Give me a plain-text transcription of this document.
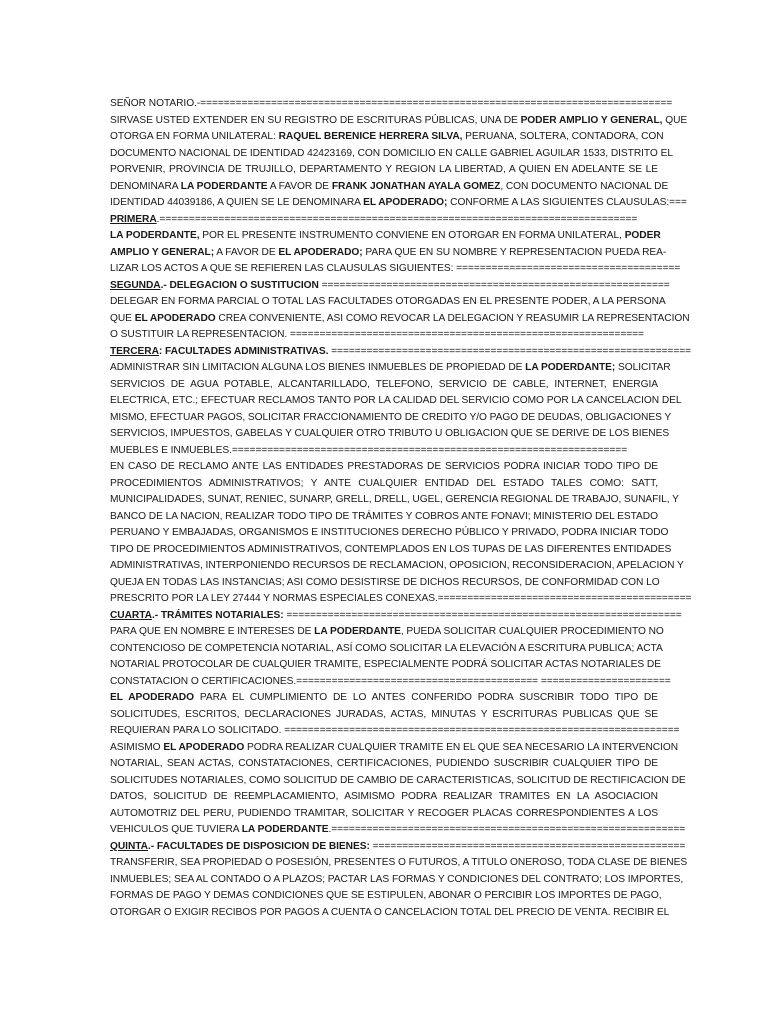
SEÑOR NOTARIO.-================================================================================
SIRVASE USTED EXTENDER EN SU REGISTRO DE ESCRITURAS PÚBLICAS, UNA DE PODER AMPLIO Y GENERAL, QUE
OTORGA EN FORMA UNILATERAL: RAQUEL BERENICE HERRERA SILVA, PERUANA, SOLTERA, CONTADORA, CON
DOCUMENTO NACIONAL DE IDENTIDAD 42423169, CON DOMICILIO EN CALLE GABRIEL AGUILAR 1533, DISTRITO EL
PORVENIR, PROVINCIA DE TRUJILLO, DEPARTAMENTO Y REGION LA LIBERTAD, A QUIEN EN ADELANTE SE LE
DENOMINARA LA PODERDANTE A FAVOR DE FRANK JONATHAN AYALA GOMEZ, CON DOCUMENTO NACIONAL DE
IDENTIDAD 44039186, A QUIEN SE LE DENOMINARA EL APODERADO; CONFORME A LAS SIGUIENTES CLAUSULAS:===
PRIMERA.=================================================================================
LA PODERDANTE, POR EL PRESENTE INSTRUMENTO CONVIENE EN OTORGAR EN FORMA UNILATERAL, PODER
AMPLIO Y GENERAL; A FAVOR DE EL APODERADO; PARA QUE EN SU NOMBRE Y REPRESENTACION PUEDA REA-
LIZAR LOS ACTOS A QUE SE REFIEREN LAS CLAUSULAS SIGUIENTES: ======================================
SEGUNDA.- DELEGACION O SUSTITUCION ===========================================================
DELEGAR EN FORMA PARCIAL O TOTAL LAS FACULTADES OTORGADAS EN EL PRESENTE PODER, A LA PERSONA
QUE EL APODERADO CREA CONVENIENTE, ASI COMO REVOCAR LA DELEGACION Y REASUMIR LA REPRESENTACION
O SUSTITUIR LA REPRESENTACION. ============================================================
TERCERA: FACULTADES ADMINISTRATIVAS. =============================================================
ADMINISTRAR SIN LIMITACION ALGUNA LOS BIENES INMUEBLES DE PROPIEDAD DE LA PODERDANTE; SOLICITAR
SERVICIOS DE AGUA POTABLE, ALCANTARILLADO, TELEFONO, SERVICIO DE CABLE, INTERNET, ENERGIA
ELECTRICA, ETC.; EFECTUAR RECLAMOS TANTO POR LA CALIDAD DEL SERVICIO COMO POR LA CANCELACION DEL
MISMO, EFECTUAR PAGOS, SOLICITAR FRACCIONAMIENTO DE CREDITO Y/O PAGO DE DEUDAS, OBLIGACIONES Y
SERVICIOS, IMPUESTOS, GABELAS Y CUALQUIER OTRO TRIBUTO U OBLIGACION QUE SE DERIVE DE LOS BIENES
MUEBLES E INMUEBLES.===================================================================
EN CASO DE RECLAMO ANTE LAS ENTIDADES PRESTADORAS DE SERVICIOS PODRA INICIAR TODO TIPO DE
PROCEDIMIENTOS ADMINISTRATIVOS; Y ANTE CUALQUIER ENTIDAD DEL ESTADO TALES COMO: SATT,
MUNICIPALIDADES, SUNAT, RENIEC, SUNARP, GRELL, DRELL, UGEL, GERENCIA REGIONAL DE TRABAJO, SUNAFIL, Y
BANCO DE LA NACION, REALIZAR TODO TIPO DE TRÁMITES Y COBROS ANTE FONAVI; MINISTERIO DEL ESTADO
PERUANO Y EMBAJADAS, ORGANISMOS E INSTITUCIONES DERECHO PÚBLICO Y PRIVADO, PODRA INICIAR TODO
TIPO DE PROCEDIMIENTOS ADMINISTRATIVOS, CONTEMPLADOS EN LOS TUPAS DE LAS DIFERENTES ENTIDADES
ADMINISTRATIVAS, INTERPONIENDO RECURSOS DE RECLAMACION, OPOSICION, RECONSIDERACION, APELACION Y
QUEJA EN TODAS LAS INSTANCIAS; ASI COMO DESISTIRSE DE DICHOS RECURSOS, DE CONFORMIDAD CON LO
PRESCRITO POR LA LEY 27444 Y NORMAS ESPECIALES CONEXAS.===========================================
CUARTA.- TRÁMITES NOTARIALES: ===================================================================
PARA QUE EN NOMBRE E INTERESES DE LA PODERDANTE, PUEDA SOLICITAR CUALQUIER PROCEDIMIENTO NO
CONTENCIOSO DE COMPETENCIA NOTARIAL, ASÍ COMO SOLICITAR LA ELEVACIÓN A ESCRITURA PUBLICA; ACTA
NOTARIAL PROTOCOLAR DE CUALQUIER TRAMITE, ESPECIALMENTE PODRÁ SOLICITAR ACTAS NOTARIALES DE
CONSTATACION O CERTIFICACIONES.========================================= ======================
EL APODERADO PARA EL CUMPLIMIENTO DE LO ANTES CONFERIDO PODRA SUSCRIBIR TODO TIPO DE
SOLICITUDES, ESCRITOS, DECLARACIONES JURADAS, ACTAS, MINUTAS Y ESCRITURAS PUBLICAS QUE SE
REQUIERAN PARA LO SOLICITADO. ===================================================================
ASIMISMO EL APODERADO PODRA REALIZAR CUALQUIER TRAMITE EN EL QUE SEA NECESARIO LA INTERVENCION
NOTARIAL, SEAN ACTAS, CONSTATACIONES, CERTIFICACIONES, PUDIENDO SUSCRIBIR CUALQUIER TIPO DE
SOLICITUDES NOTARIALES, COMO SOLICITUD DE CAMBIO DE CARACTERISTICAS, SOLICITUD DE RECTIFICACION DE
DATOS, SOLICITUD DE REEMPLACAMIENTO, ASIMISMO PODRA REALIZAR TRAMITES EN LA ASOCIACION
AUTOMOTRIZ DEL PERU, PUDIENDO TRAMITAR, SOLICITAR Y RECOGER PLACAS CORRESPONDIENTES A LOS
VEHICULOS QUE TUVIERA LA PODERDANTE.============================================================
QUINTA.- FACULTADES DE DISPOSICION DE BIENES: =====================================================
TRANSFERIR, SEA PROPIEDAD O POSESIÓN, PRESENTES O FUTUROS, A TITULO ONEROSO, TODA CLASE DE BIENES
INMUEBLES; SEA AL CONTADO O A PLAZOS; PACTAR LAS FORMAS Y CONDICIONES DEL CONTRATO; LOS IMPORTES,
FORMAS DE PAGO Y DEMAS CONDICIONES QUE SE ESTIPULEN, ABONAR O PERCIBIR LOS IMPORTES DE PAGO,
OTORGAR O EXIGIR RECIBOS POR PAGOS A CUENTA O CANCELACION TOTAL DEL PRECIO DE VENTA. RECIBIR EL
